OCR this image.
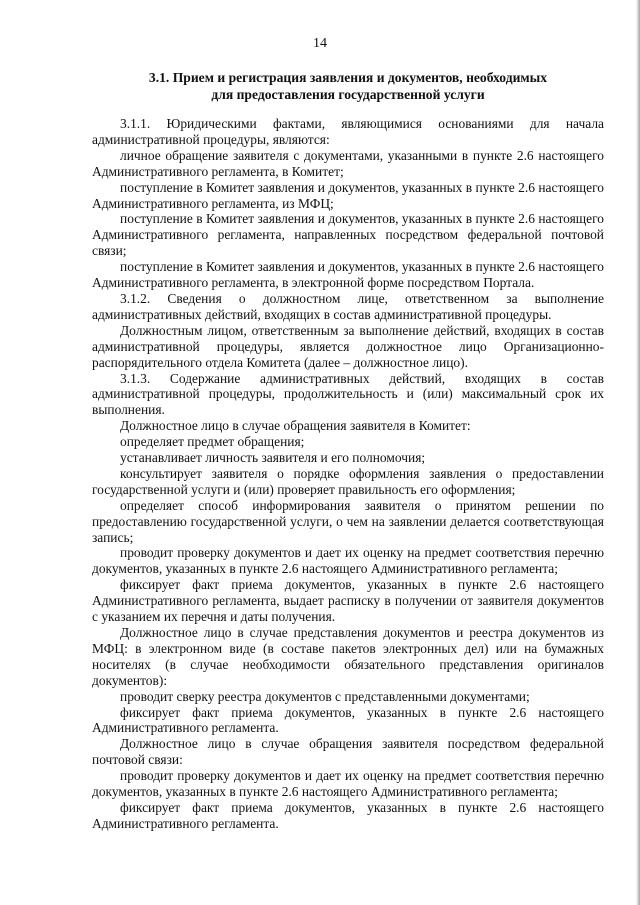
14
3.1. Прием и регистрация заявления и документов, необходимых
для предоставления государственной услуги

3.1.1. Юридическими фактами, являющимися основаниями для начала административной процедуры, являются:

личное обращение заявителя с документами, указанными в пункте 2.6 настоящего Административного регламента, в Комитет;

поступление в Комитет заявления и документов, указанных в пункте 2.6 настоящего Административного регламента, из МФЦ;

поступление в Комитет заявления и документов, указанных в пункте 2.6 настоящего Административного регламента, направленных посредством федеральной почтовой связи;

поступление в Комитет заявления и документов, указанных в пункте 2.6 настоящего Административного регламента, в электронной форме посредством Портала.

3.1.2. Сведения о должностном лице, ответственном за выполнение административных действий, входящих в состав административной процедуры.

Должностным лицом, ответственным за выполнение действий, входящих в состав административной процедуры, является должностное лицо Организационно-распорядительного отдела Комитета (далее – должностное лицо).

3.1.3. Содержание административных действий, входящих в состав административной процедуры, продолжительность и (или) максимальный срок их выполнения.

Должностное лицо в случае обращения заявителя в Комитет:

определяет предмет обращения;

устанавливает личность заявителя и его полномочия;

консультирует заявителя о порядке оформления заявления о предоставлении государственной услуги и (или) проверяет правильность его оформления;

определяет способ информирования заявителя о принятом решении по предоставлению государственной услуги, о чем на заявлении делается соответствующая запись;

проводит проверку документов и дает их оценку на предмет соответствия перечню документов, указанных в пункте 2.6 настоящего Административного регламента;

фиксирует факт приема документов, указанных в пункте 2.6 настоящего Административного регламента, выдает расписку в получении от заявителя документов с указанием их перечня и даты получения.

Должностное лицо в случае представления документов и реестра документов из МФЦ: в электронном виде (в составе пакетов электронных дел) или на бумажных носителях (в случае необходимости обязательного представления оригиналов документов):

проводит сверку реестра документов с представленными документами;

фиксирует факт приема документов, указанных в пункте 2.6 настоящего Административного регламента.

Должностное лицо в случае обращения заявителя посредством федеральной почтовой связи:

проводит проверку документов и дает их оценку на предмет соответствия перечню документов, указанных в пункте 2.6 настоящего Административного регламента;

фиксирует факт приема документов, указанных в пункте 2.6 настоящего Административного регламента.
